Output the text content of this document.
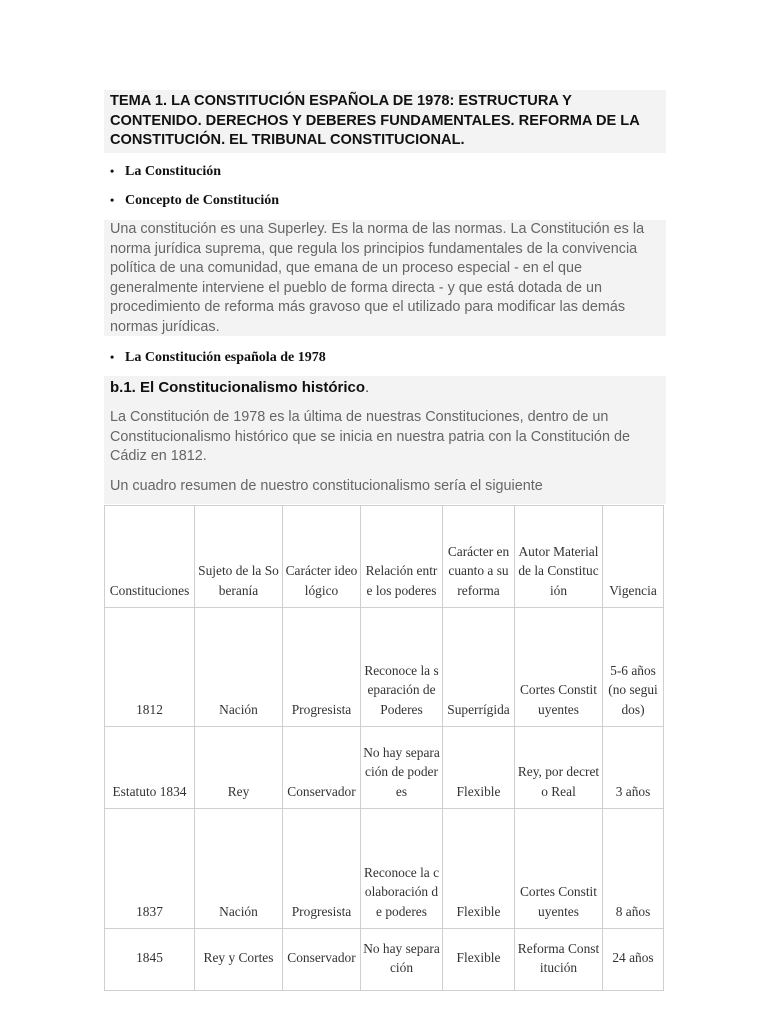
TEMA 1. LA CONSTITUCIÓN ESPAÑOLA DE 1978: ESTRUCTURA Y CONTENIDO. DERECHOS Y DEBERES FUNDAMENTALES. REFORMA DE LA CONSTITUCIÓN. EL TRIBUNAL CONSTITUCIONAL.
• La Constitución
• Concepto de Constitución
Una constitución es una Superley. Es la norma de las normas. La Constitución es la norma jurídica suprema, que regula los principios fundamentales de la convivencia política de una comunidad, que emana de un proceso especial - en el que generalmente interviene el pueblo de forma directa - y que está dotada de un procedimiento de reforma más gravoso que el utilizado para modificar las demás normas jurídicas.
• La Constitución española de 1978
b.1. El Constitucionalismo histórico.
La Constitución de 1978 es la última de nuestras Constituciones, dentro de un Constitucionalismo histórico que se inicia en nuestra patria con la Constitución de Cádiz en 1812.
Un cuadro resumen de nuestro constitucionalismo sería el siguiente
Constituciones	Sujeto de la Soberanía	Carácter ideológico	Relación entre los poderes	Carácter en cuanto a su reforma	Autor Material de la Constitución	Vigencia
1812	Nación	Progresista	Reconoce la separación de Poderes	Superrígida	Cortes Constituyentes	5-6 años (no seguidos)
Estatuto 1834	Rey	Conservador	No hay separación de poderes	Flexible	Rey, por decreto Real	3 años
1837	Nación	Progresista	Reconoce la colaboración de poderes	Flexible	Cortes Constituyentes	8 años
1845	Rey y Cortes	Conservador	No hay separación	Flexible	Reforma Constitución	24 años
